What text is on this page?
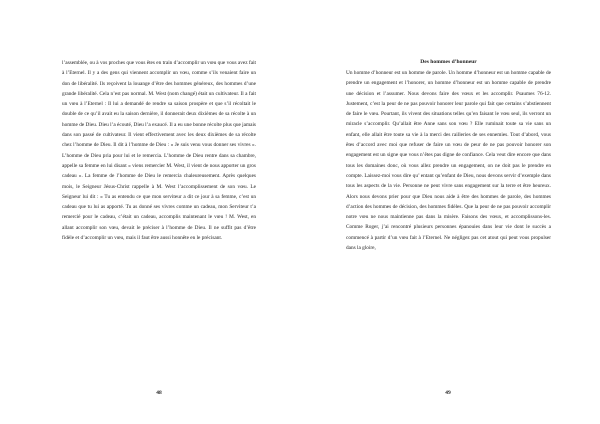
l’assemblée, ou à vos proches que vous êtes en train d’accomplir un vœu que vous avez fait à l’Eternel. Il y a des gens qui viennent accomplir un vœu, comme s’ils venaient faire un don de libéralité. Ils reçoivent la louange d’être des hommes généreux, des hommes d’une grande libéralité. Cela n’est pas normal. M. West (nom changé) était un cultivateur. Il a fait un vœu à l’Eternel : Il lui a demandé de rendre sa saison prospère et que s’il récoltait le double de ce qu’il avait eu la saison dernière, il donnerait deux dixièmes de sa récolte à un homme de Dieu. Dieu l’a écouté, Dieu l’a exaucé. Il a eu une bonne récolte plus que jamais dans son passé de cultivateur. Il vient effectivement avec les deux dixièmes de sa récolte chez l’homme de Dieu. Il dit à l’homme de Dieu : « Je suis venu vous donner ses vivres ». L’homme de Dieu pria pour lui et le remercia. L’homme de Dieu rentre dans sa chambre, appelle sa femme en lui disant « viens remercier M. West, il vient de nous apporter un gros cadeau ». La femme de l’homme de Dieu le remercia chaleureusement. Après quelques mois, le Seigneur Jésus-Christ rappelle à M. West l’accomplissement de son vœu. Le Seigneur lui dit : « Tu as entendu ce que mon serviteur a dit ce jour à sa femme, c’est un cadeau que tu lui as apporté. Tu as donné ses vivres comme un cadeau, mon Serviteur t’a remercié pour le cadeau, c’était un cadeau, accomplis maintenant le vœu ! M. West, en allant accomplir son vœu, devait le préciser à l’homme de Dieu. Il ne suffit pas d’être fidèle et d’accomplir un vœu, mais il faut être aussi honnête en le précisant.

48
Des hommes d’honneur

Un homme d’honneur est un homme de parole. Un homme d’honneur est un homme capable de prendre un engagement et l’honorer, un homme d’honneur est un homme capable de prendre une décision et l’assumer. Nous devons faire des vœux et les accomplir. Psaumes 76-12. Justement, c’est la peur de ne pas pouvoir honorer leur parole qui fait que certains s’abstiennent de faire le vœu. Pourtant, ils vivent des situations telles qu’en faisant le vœu seul, ils verront un miracle s’accomplir. Qu’allait être Anne sans son vœu ? Elle ruminait toute sa vie sans un enfant, elle allait être toute sa vie à la merci des railleries de ses ennemies. Tout d’abord, vous êtes d’accord avec moi que refuser de faire un vœu de peur de ne pas pouvoir honorer son engagement est un signe que vous n’êtes pas digne de confiance. Cela veut dire encore que dans tous les domaines donc, où vous allez prendre un engagement, on ne doit pas le prendre en compte. Laissez-moi vous dire qu’ entant qu’enfant de Dieu, nous devons servir d’exemple dans tous les aspects de la vie. Personne ne peut vivre sans engagement sur la terre et être heureux. Alors nous devons prier pour que Dieu nous aide à être des hommes de parole, des hommes d’action des hommes de décision, des hommes fidèles. Que la peur de ne pas pouvoir accomplir notre vœu ne nous maintienne pas dans la misère. Faisons des vœux, et accomplissons-les. Comme Roger, j’ai rencontré plusieurs personnes épanouies dans leur vie dont le succès a commencé à partir d’un vœu fait à l’Eternel. Ne négligez pas cet atout qui peut vous propulser dans la gloire,

49
